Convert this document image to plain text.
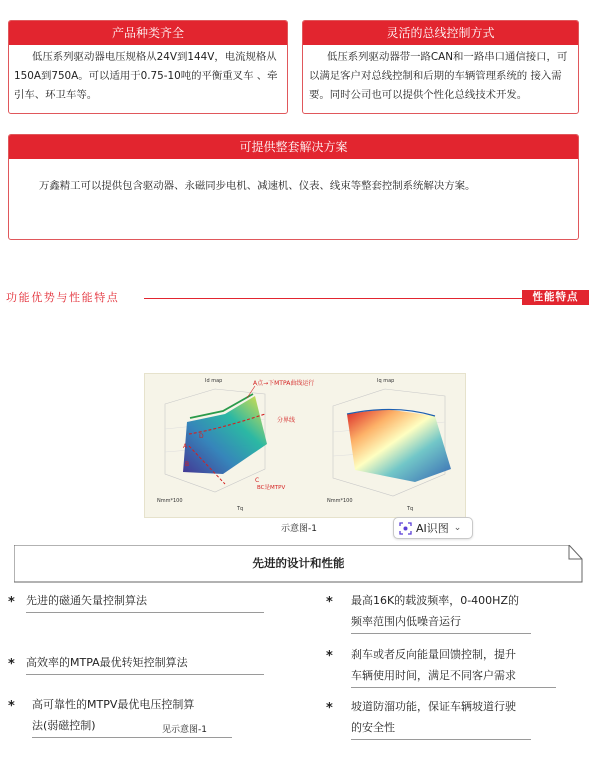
产品种类齐全
低压系列驱动器电压规格从24V到144V，电流规格从150A到750A。可以适用于0.75-10吨的平衡重叉车 、牵引车、环卫车等。
灵活的总线控制方式
低压系列驱动器带一路CAN和一路串口通信接口，可以满足客户对总线控制和后期的车辆管理系统的 接入需要。同时公司也可以提供个性化总线技术开发。
可提供整套解决方案
万鑫精工可以提供包含驱动器、永磁同步电机、减速机、仪表、线束等整套控制系统解决方案。
功能优势与性能特点	性能特点
Id map	A点→下MTPA曲线运行
分界线
BC是MTPV
A
B
C
D
Nmm*100
Tq
Iq map
Nmm*100
Tq
示意图-1	AI识图 ⌄
先进的设计和性能
* 先进的磁通矢量控制算法	* 最高16K的载波频率，0-400HZ的
频率范围内低噪音运行
* 高效率的MTPA最优转矩控制算法	* 刹车或者反向能量回馈控制，提升
车辆使用时间，满足不同客户需求
* 高可靠性的MTPV最优电压控制算
法(弱磁控制)	见示意图-1
* 坡道防溜功能，保证车辆坡道行驶
的安全性
